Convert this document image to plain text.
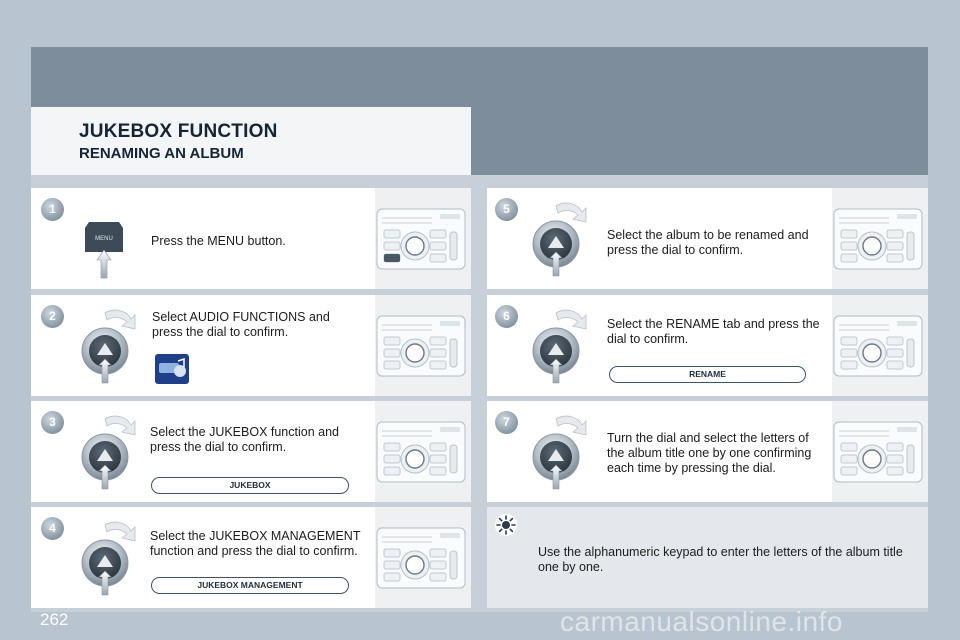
JUKEBOX FUNCTION
RENAMING AN ALBUM
1
MENU	Press the MENU button.
2	Select AUDIO FUNCTIONS and press the dial to confirm.
3
Select the JUKEBOX function and press the dial to confirm.
JUKEBOX
4
Select the JUKEBOX MANAGEMENT function and press the dial to confirm.
JUKEBOX MANAGEMENT
5
Select the album to be renamed and press the dial to confirm.
6
Select the RENAME tab and press the dial to confirm.
RENAME
7
Turn the dial and select the letters of the album title one by one confirming each time by pressing the dial.
Use the alphanumeric keypad to enter the letters of the album title one by one.
262	carmanualsonline.info
